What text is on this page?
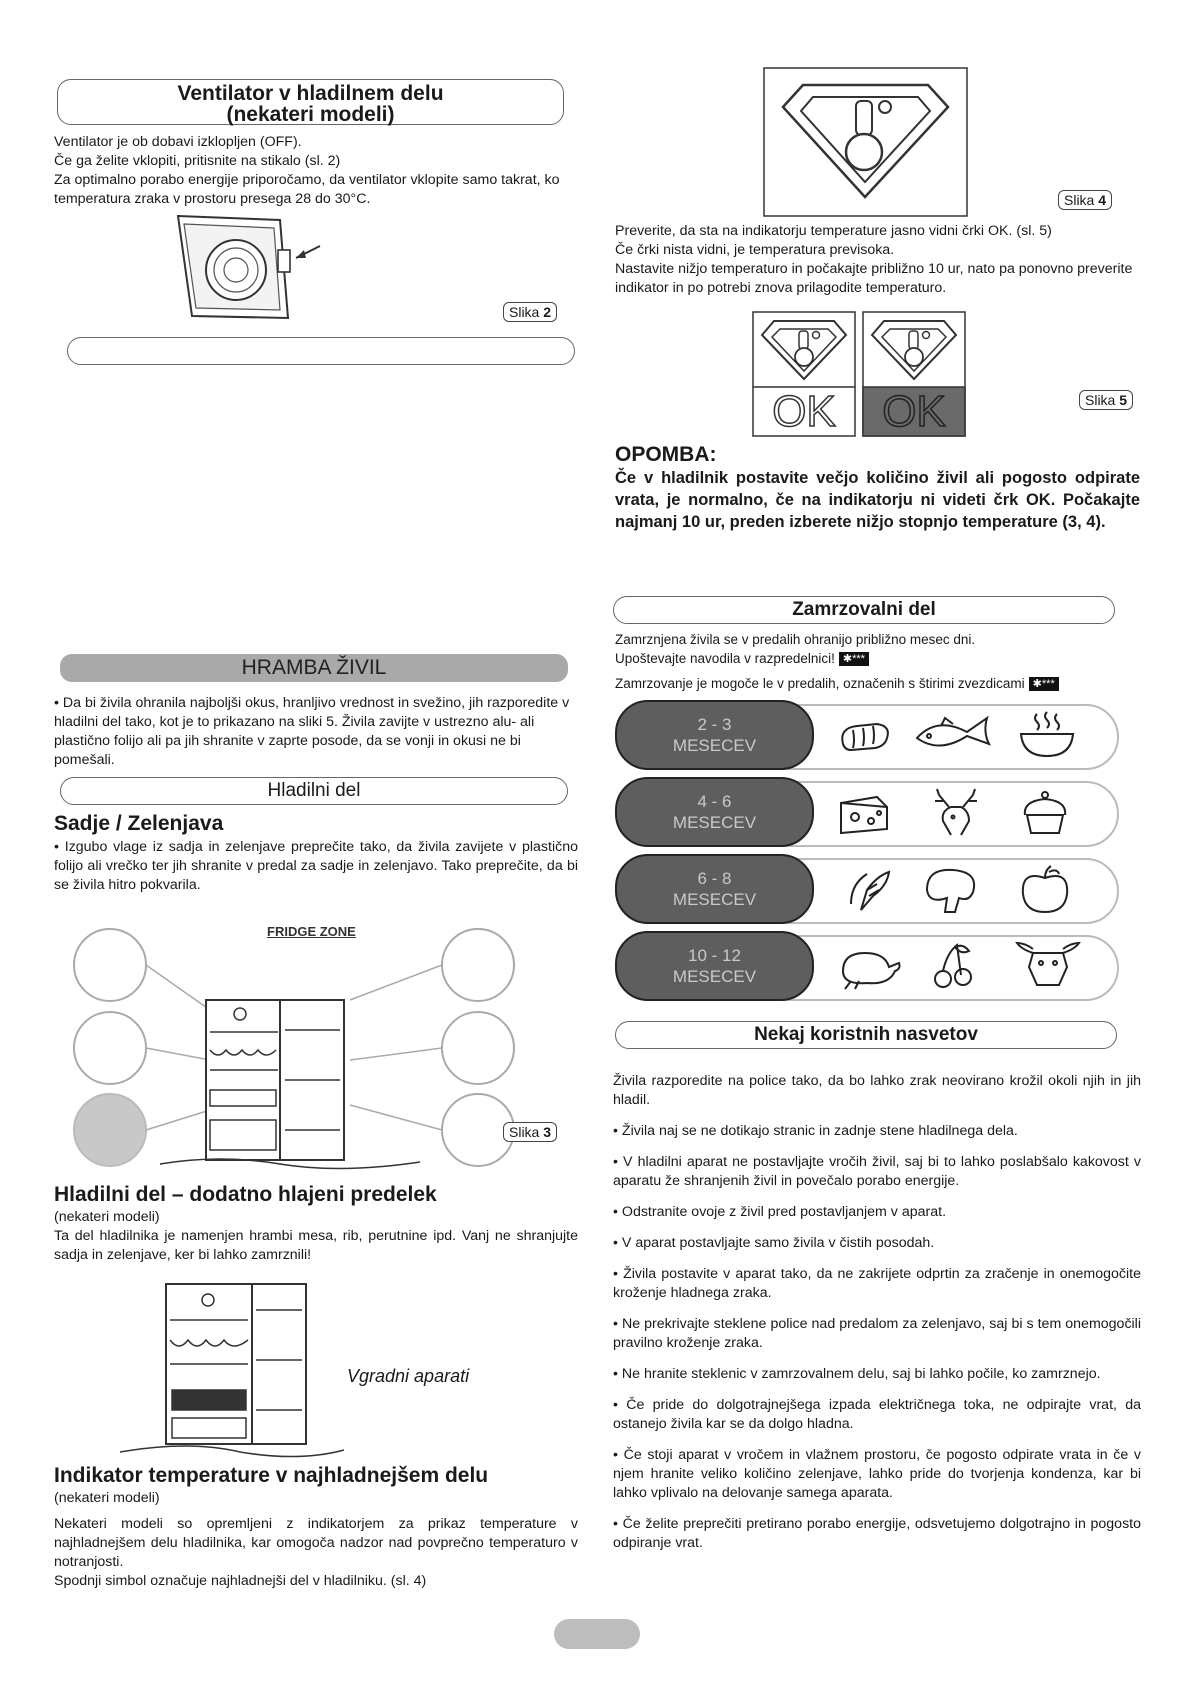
Ventilator v hladilnem delu
(nekateri modeli)

Ventilator je ob dobavi izklopljen (OFF).

Če ga želite vklopiti, pritisnite na stikalo (sl. 2)

Za optimalno porabo energije priporočamo, da ventilator vklopite samo takrat, ko temperatura zraka v prostoru presega 28 do 30°C.

Slika 2
HRAMBA ŽIVIL

• Da bi živila ohranila najboljši okus, hranljivo vrednost in svežino, jih razporedite v hladilni del tako, kot je to prikazano na sliki 5. Živila zavijte v ustrezno alu- ali plastično folijo ali pa jih shranite v zaprte posode, da se vonji in okusi ne bi pomešali.

Hladilni del
Sadje / Zelenjava

• Izgubo vlage iz sadja in zelenjave preprečite tako, da živila zavijete v plastično folijo ali vrečko ter jih shranite v predal za sadje in zelenjavo. Tako preprečite, da bi se živila hitro pokvarila.

FRIDGE ZONE
Slika 3
Hladilni del – dodatno hlajeni predelek

(nekateri modeli)

Ta del hladilnika je namenjen hrambi mesa, rib, perutnine ipd. Vanj ne shranjujte sadja in zelenjave, ker bi lahko zamrznili!

Vgradni aparati
Indikator temperature v najhladnejšem delu

(nekateri modeli)

Nekateri modeli so opremljeni z indikatorjem za prikaz temperature v najhladnejšem delu hladilnika, kar omogoča nadzor nad povprečno temperaturo v notranjosti.

Spodnji simbol označuje najhladnejši del v hladilniku. (sl. 4)

Slika 4

Preverite, da sta na indikatorju temperature jasno vidni črki OK. (sl. 5)

Če črki nista vidni, je temperatura previsoka.

Nastavite nižjo temperaturo in počakajte približno 10 ur, nato pa ponovno preverite indikator in po potrebi znova prilagodite temperaturo.

OK	OK	Slika 5
OPOMBA:

Če v hladilnik postavite večjo količino živil ali pogosto odpirate vrata, je normalno, če na indikatorju ni videti črk OK. Počakajte najmanj 10 ur, preden izberete nižjo stopnjo temperature (3, 4).

Zamrzovalni del
Zamrznjena živila se v predalih ohranijo približno mesec dni.
Upoštevajte navodila v razpredelnici! ✱***
Zamrzovanje je mogoče le v predalih, označenih s štirimi zvezdicami ✱***
2 - 3
MESECEV
4 - 6
MESECEV
6 - 8
MESECEV
10 - 12
MESECEV
Nekaj koristnih nasvetov

Živila razporedite na police tako, da bo lahko zrak neovirano krožil okoli njih in jih hladil.

• Živila naj se ne dotikajo stranic in zadnje stene hladilnega dela.

• V hladilni aparat ne postavljajte vročih živil, saj bi to lahko poslabšalo kakovost v aparatu že shranjenih živil in povečalo porabo energije.

• Odstranite ovoje z živil pred postavljanjem v aparat.

• V aparat postavljajte samo živila v čistih posodah.

• Živila postavite v aparat tako, da ne zakrijete odprtin za zračenje in onemogočite kroženje hladnega zraka.

• Ne prekrivajte steklene police nad predalom za zelenjavo, saj bi s tem onemogočili pravilno kroženje zraka.

• Ne hranite steklenic v zamrzovalnem delu, saj bi lahko počile, ko zamrznejo.

• Če pride do dolgotrajnejšega izpada električnega toka, ne odpirajte vrat, da ostanejo živila kar se da dolgo hladna.

• Če stoji aparat v vročem in vlažnem prostoru, če pogosto odpirate vrata in če v njem hranite veliko količino zelenjave, lahko pride do tvorjenja kondenza, kar bi lahko vplivalo na delovanje samega aparata.

• Če želite preprečiti pretirano porabo energije, odsvetujemo dolgotrajno in pogosto odpiranje vrat.
